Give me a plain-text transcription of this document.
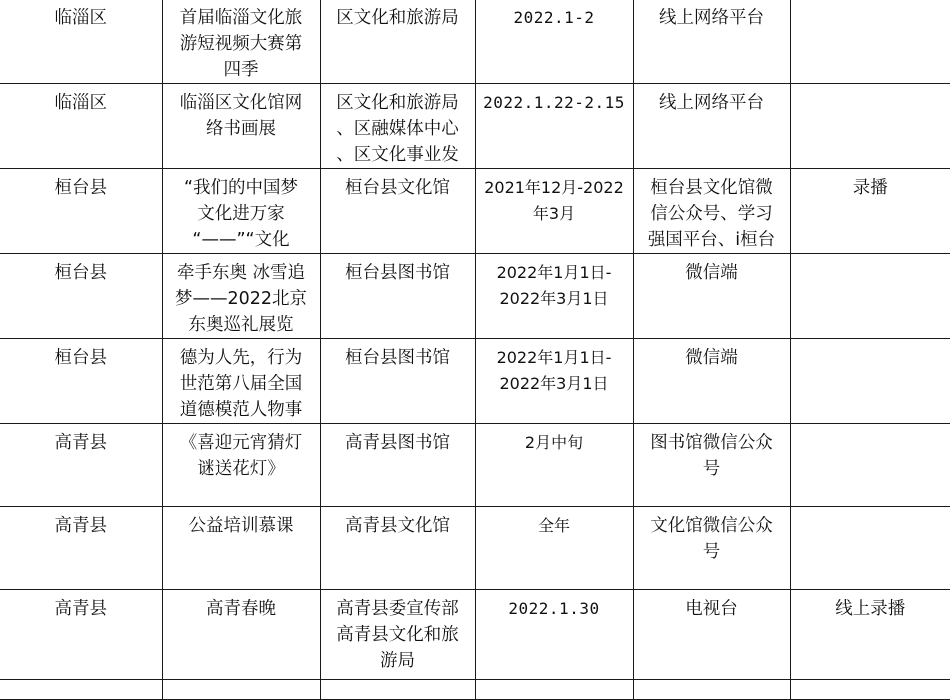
临淄区	首届临淄文化旅
游短视频大赛第
四季	区文化和旅游局	2022.1-2	线上网络平台	

临淄区	临淄区文化馆网
络书画展	区文化和旅游局
、区融媒体中心
、区文化事业发	2022.1.22-2.15	线上网络平台	

桓台县	“我们的中国梦
文化进万家
“——”“文化	桓台县文化馆	2021年12月-2022
年3月	桓台县文化馆微
信公众号、学习
强国平台、i桓台	录播

桓台县	牵手东奥 冰雪追
梦——2022北京
东奥巡礼展览	桓台县图书馆	2022年1月1日-
2022年3月1日	微信端	

桓台县	德为人先，行为
世范第八届全国
道德模范人物事	桓台县图书馆	2022年1月1日-
2022年3月1日	微信端	

高青县	《喜迎元宵猜灯
谜送花灯》	高青县图书馆	2月中旬	图书馆微信公众
号	

高青县	公益培训慕课	高青县文化馆	全年	文化馆微信公众
号	

高青县	高青春晚	高青县委宣传部
高青县文化和旅
游局	2022.1.30	电视台	线上录播
